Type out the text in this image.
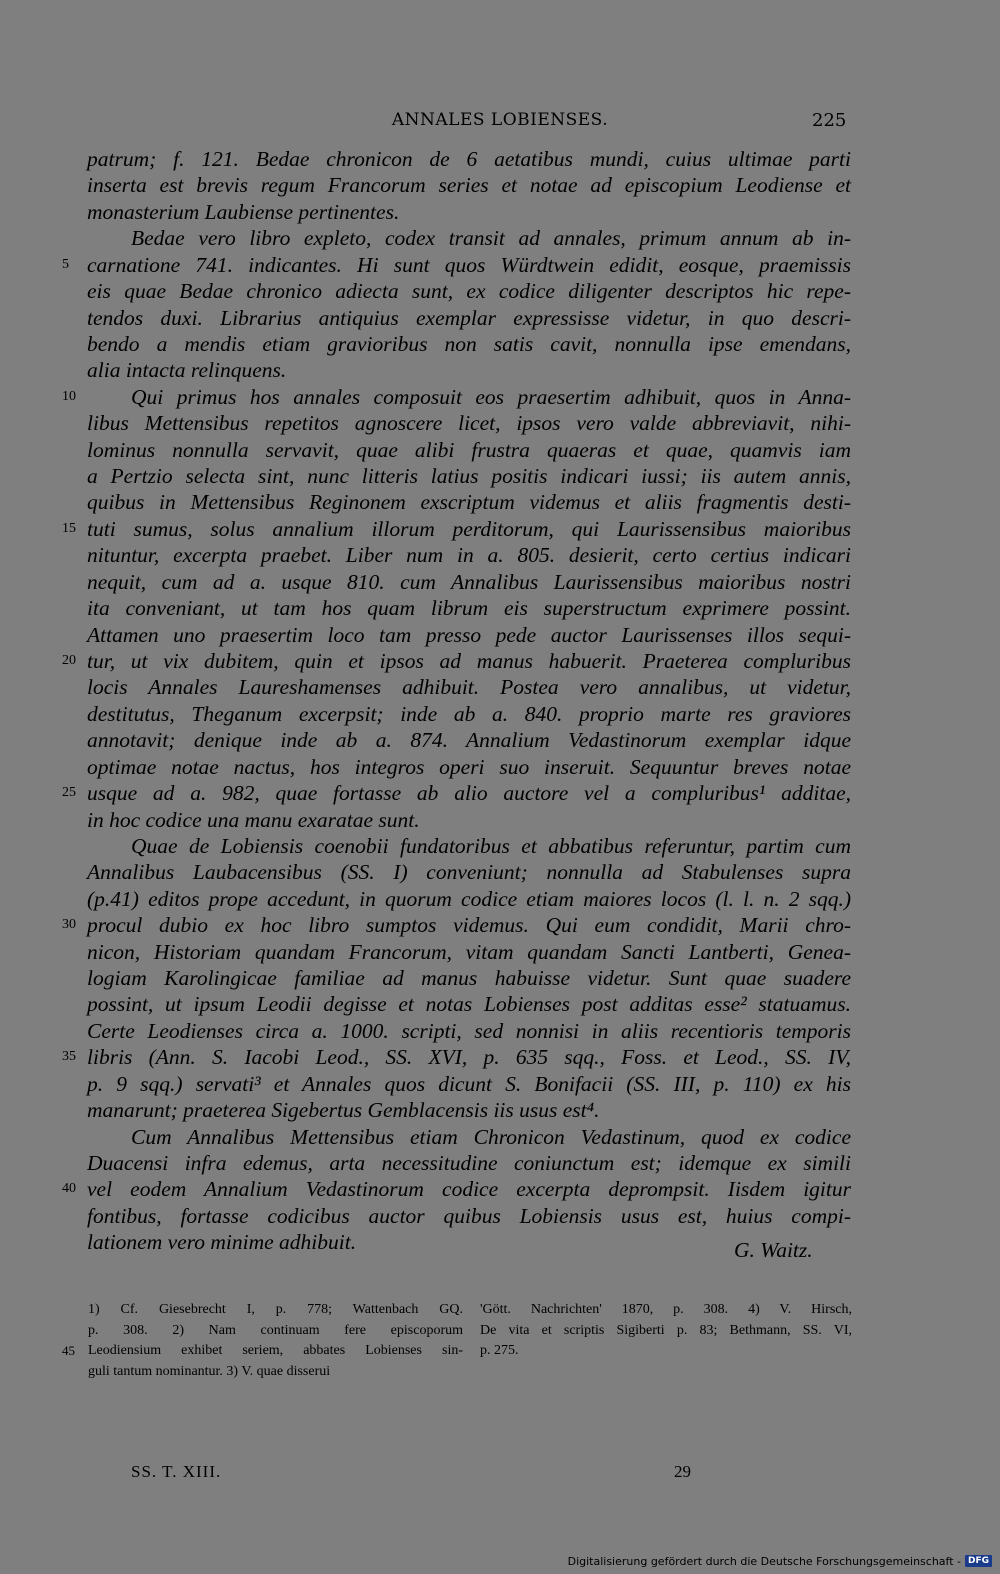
ANNALES LOBIENSES.	225
patrum; f. 121. Bedae chronicon de 6 aetatibus mundi, cuius ultimae parti
inserta est brevis regum Francorum series et notae ad episcopium Leodiense et
monasterium Laubiense pertinentes.
Bedae vero libro expleto, codex transit ad annales, primum annum ab in-
carnatione 741. indicantes. Hi sunt quos Würdtwein edidit, eosque, praemissis
5
eis quae Bedae chronico adiecta sunt, ex codice diligenter descriptos hic repe-
tendos duxi. Librarius antiquius exemplar expressisse videtur, in quo descri-
bendo a mendis etiam gravioribus non satis cavit, nonnulla ipse emendans,
alia intacta relinquens.
Qui primus hos annales composuit eos praesertim adhibuit, quos in Anna-
10
libus Mettensibus repetitos agnoscere licet, ipsos vero valde abbreviavit, nihi-
lominus nonnulla servavit, quae alibi frustra quaeras et quae, quamvis iam
a Pertzio selecta sint, nunc litteris latius positis indicari iussi; iis autem annis,
quibus in Mettensibus Reginonem exscriptum videmus et aliis fragmentis desti-
tuti sumus, solus annalium illorum perditorum, qui Laurissensibus maioribus
15
nituntur, excerpta praebet. Liber num in a. 805. desierit, certo certius indicari
nequit, cum ad a. usque 810. cum Annalibus Laurissensibus maioribus nostri
ita conveniant, ut tam hos quam librum eis superstructum exprimere possint.
Attamen uno praesertim loco tam presso pede auctor Laurissenses illos sequi-
tur, ut vix dubitem, quin et ipsos ad manus habuerit. Praeterea compluribus
20
locis Annales Laureshamenses adhibuit. Postea vero annalibus, ut videtur,
destitutus, Theganum excerpsit; inde ab a. 840. proprio marte res graviores
annotavit; denique inde ab a. 874. Annalium Vedastinorum exemplar idque
optimae notae nactus, hos integros operi suo inseruit. Sequuntur breves notae
usque ad a. 982, quae fortasse ab alio auctore vel a compluribus¹ additae,
25
in hoc codice una manu exaratae sunt.
Quae de Lobiensis coenobii fundatoribus et abbatibus referuntur, partim cum
Annalibus Laubacensibus (SS. I) conveniunt; nonnulla ad Stabulenses supra
(p.41) editos prope accedunt, in quorum codice etiam maiores locos (l. l. n. 2 sqq.)
procul dubio ex hoc libro sumptos videmus. Qui eum condidit, Marii chro-
30
nicon, Historiam quandam Francorum, vitam quandam Sancti Lantberti, Genea-
logiam Karolingicae familiae ad manus habuisse videtur. Sunt quae suadere
possint, ut ipsum Leodii degisse et notas Lobienses post additas esse² statuamus.
Certe Leodienses circa a. 1000. scripti, sed nonnisi in aliis recentioris temporis
libris (Ann. S. Iacobi Leod., SS. XVI, p. 635 sqq., Foss. et Leod., SS. IV,
35
p. 9 sqq.) servati³ et Annales quos dicunt S. Bonifacii (SS. III, p. 110) ex his
manarunt; praeterea Sigebertus Gemblacensis iis usus est⁴.
Cum Annalibus Mettensibus etiam Chronicon Vedastinum, quod ex codice
Duacensi infra edemus, arta necessitudine coniunctum est; idemque ex simili
vel eodem Annalium Vedastinorum codice excerpta deprompsit. Iisdem igitur
40
fontibus, fortasse codicibus auctor quibus Lobiensis usus est, huius compi-
lationem vero minime adhibuit.	G. Waitz.
1) Cf. Giesebrecht I, p. 778; Wattenbach GQ.
p. 308. 2) Nam continuam fere episcoporum
Leodiensium exhibet seriem, abbates Lobienses sin-
45
guli tantum nominantur. 3) V. quae disserui
'Gött. Nachrichten' 1870, p. 308. 4) V. Hirsch,
De vita et scriptis Sigiberti p. 83; Bethmann, SS. VI,
p. 275.
SS. T. XIII.	29
Digitalisierung gefördert durch die Deutsche Forschungsgemeinschaft - DFG
